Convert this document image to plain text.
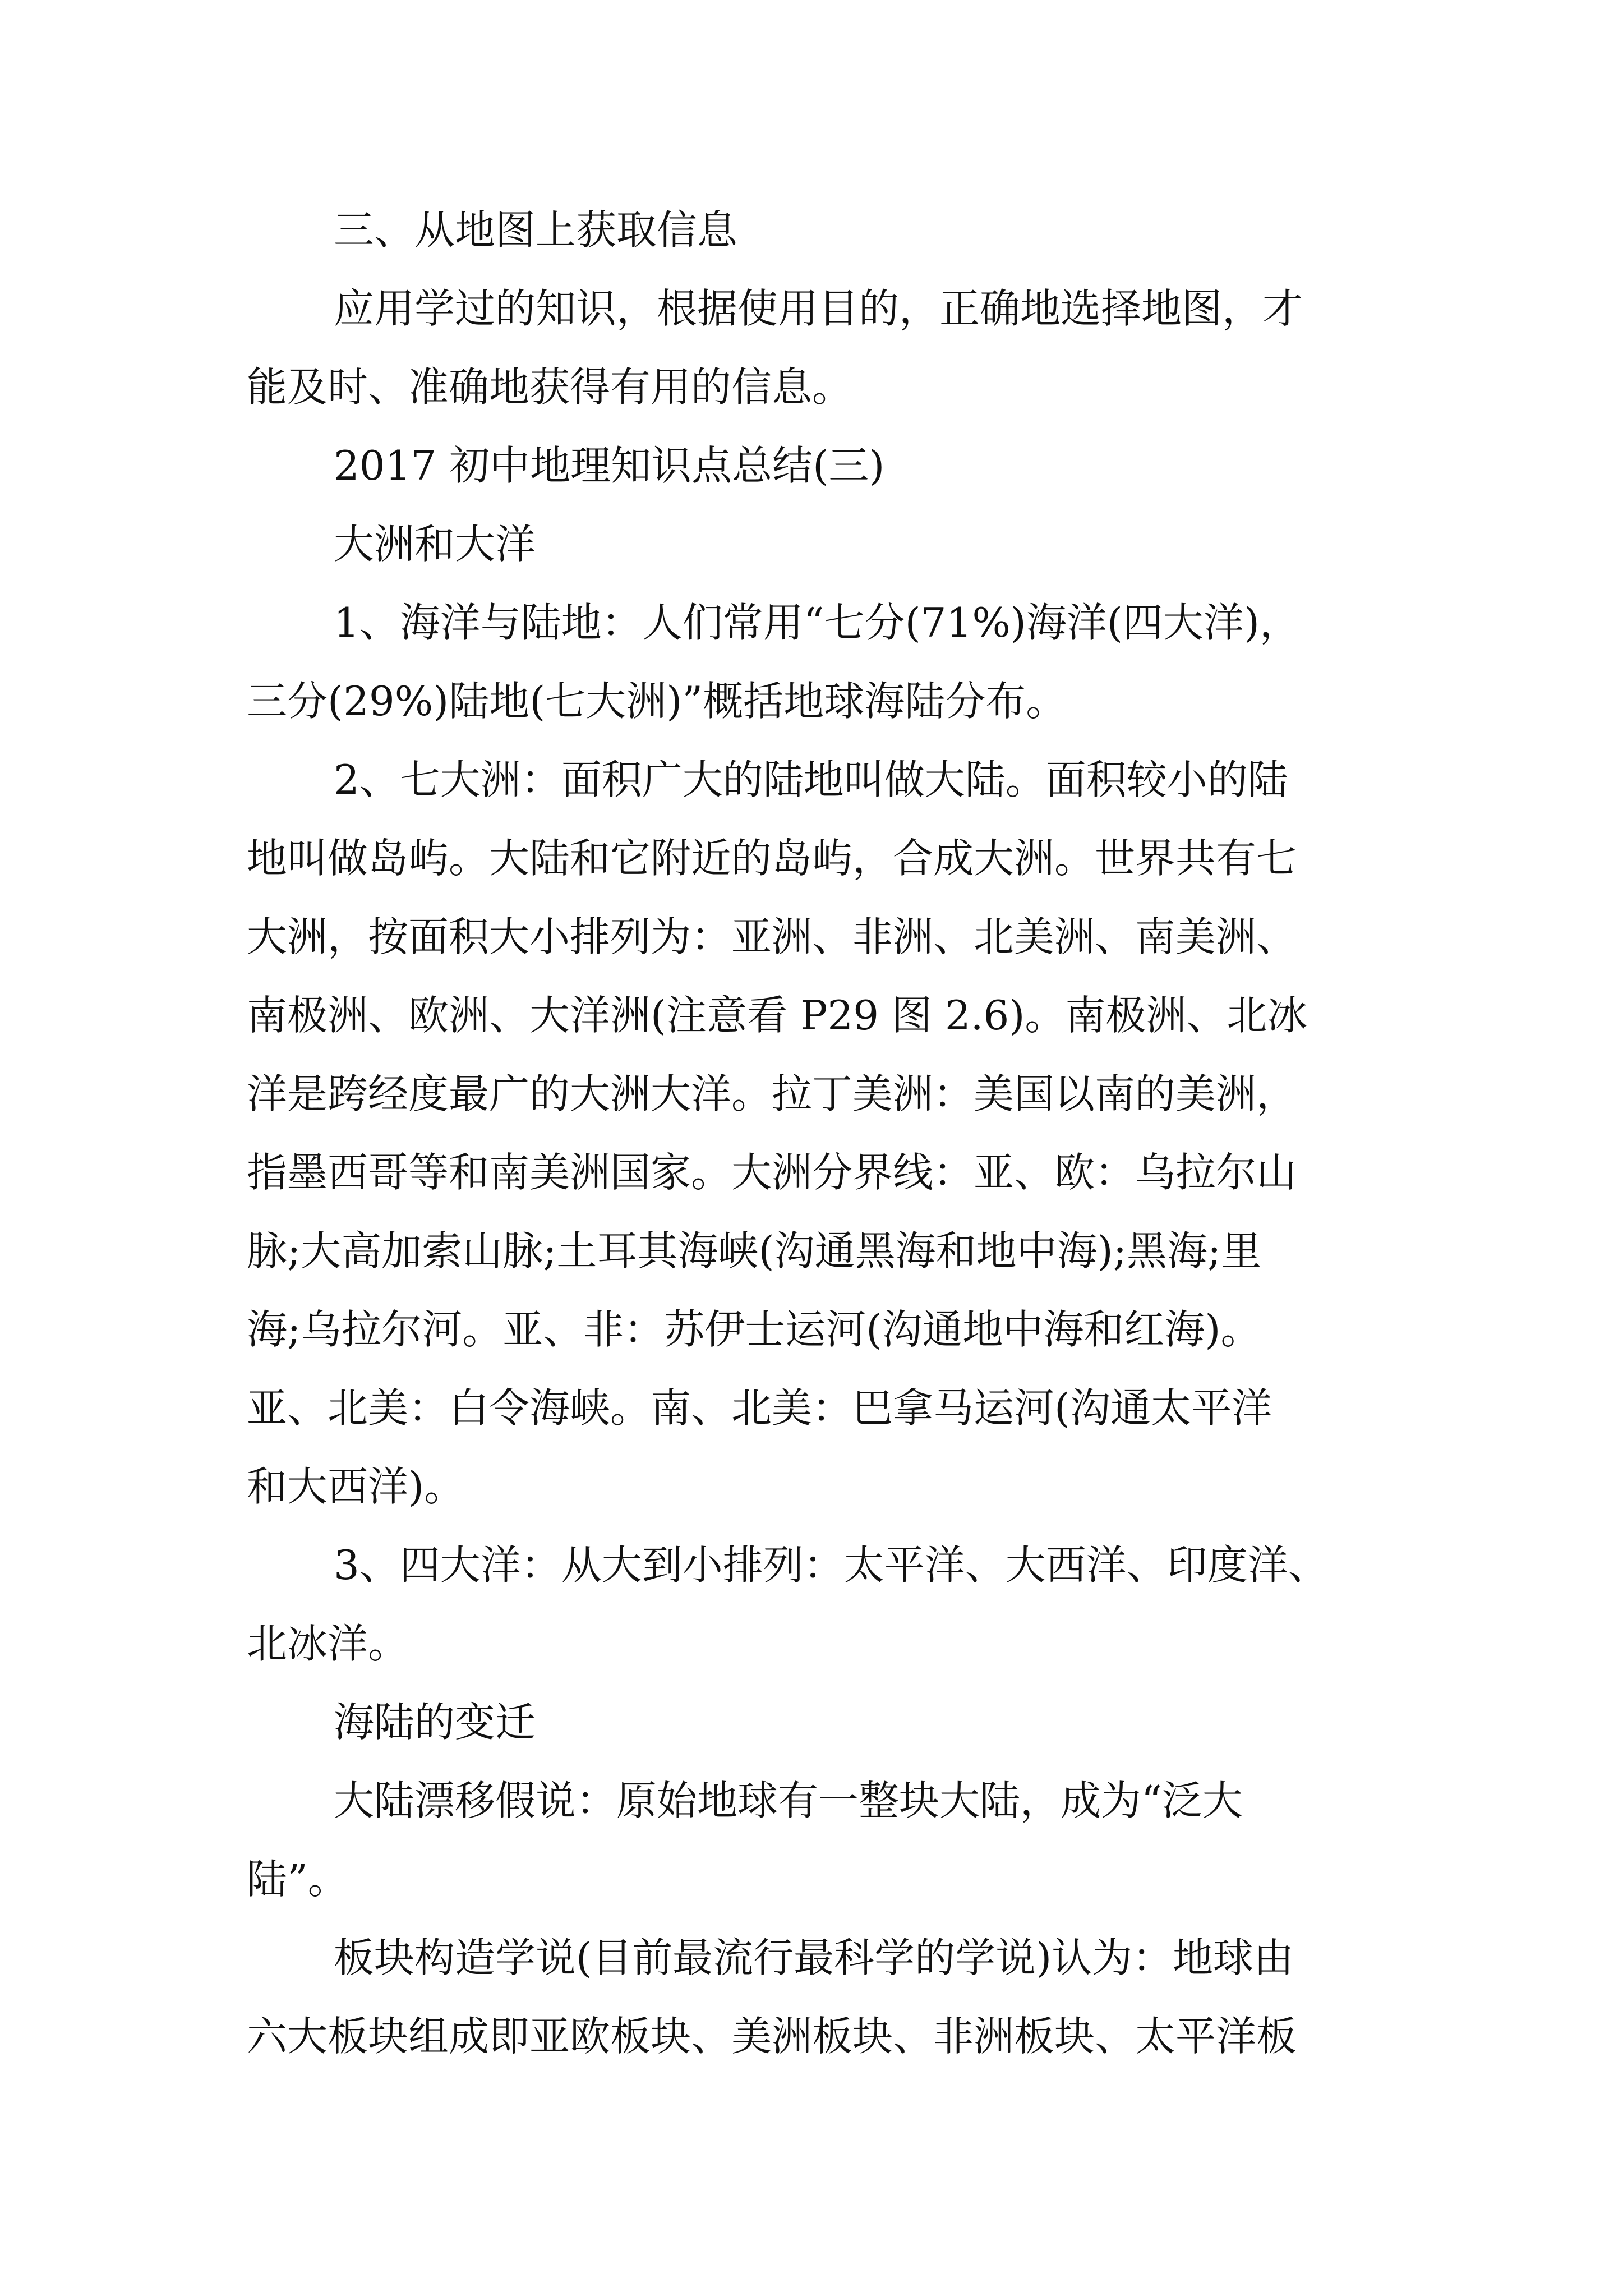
三、从地图上获取信息
应用学过的知识，根据使用目的，正确地选择地图，才
能及时、准确地获得有用的信息。
2017 初中地理知识点总结(三)
大洲和大洋
1、海洋与陆地：人们常用“七分(71%)海洋(四大洋)，
三分(29%)陆地(七大洲)”概括地球海陆分布。
2、七大洲：面积广大的陆地叫做大陆。面积较小的陆
地叫做岛屿。大陆和它附近的岛屿，合成大洲。世界共有七
大洲，按面积大小排列为：亚洲、非洲、北美洲、南美洲、
南极洲、欧洲、大洋洲(注意看 P29 图 2.6)。南极洲、北冰
洋是跨经度最广的大洲大洋。拉丁美洲：美国以南的美洲，
指墨西哥等和南美洲国家。大洲分界线：亚、欧：乌拉尔山
脉;大高加索山脉;土耳其海峡(沟通黑海和地中海);黑海;里
海;乌拉尔河。亚、非：苏伊士运河(沟通地中海和红海)。
亚、北美：白令海峡。南、北美：巴拿马运河(沟通太平洋
和大西洋)。
3、四大洋：从大到小排列：太平洋、大西洋、印度洋、
北冰洋。
海陆的变迁
大陆漂移假说：原始地球有一整块大陆，成为“泛大
陆”。
板块构造学说(目前最流行最科学的学说)认为：地球由
六大板块组成即亚欧板块、美洲板块、非洲板块、太平洋板
